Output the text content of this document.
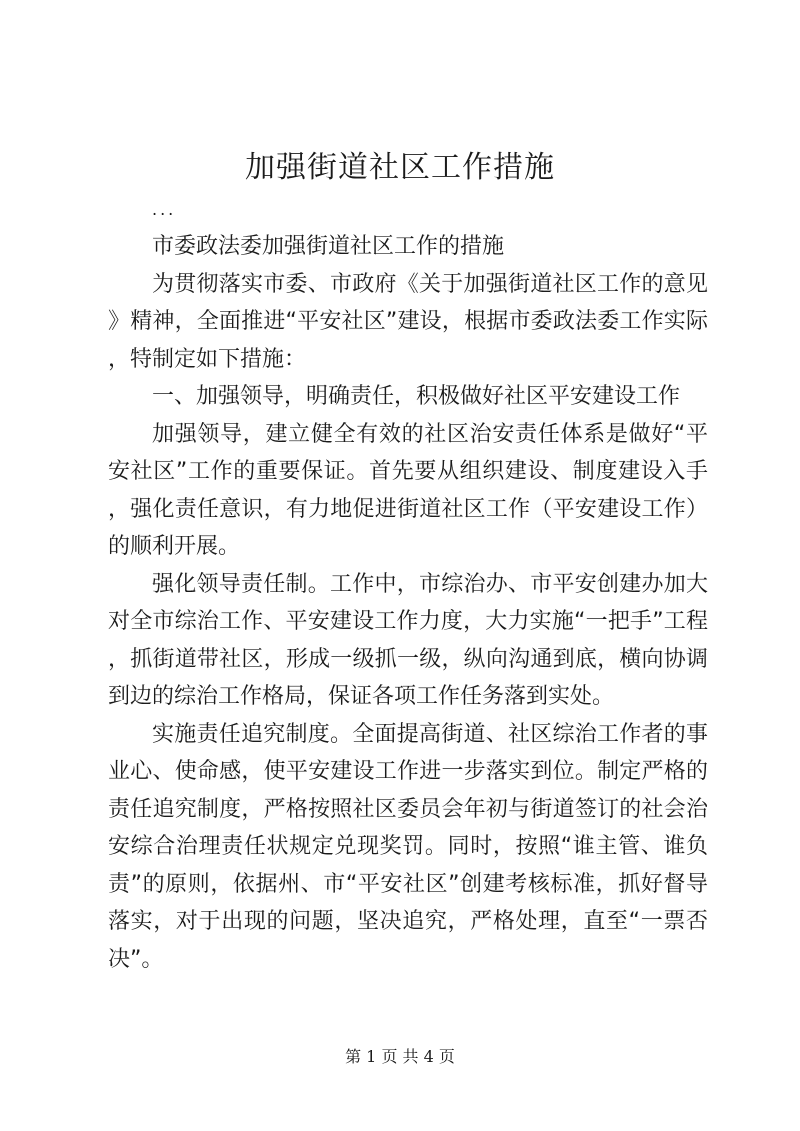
加强街道社区工作措施
...

市委政法委加强街道社区工作的措施

为贯彻落实市委、市政府《关于加强街道社区工作的意见》精神，全面推进“平安社区”建设，根据市委政法委工作实际，特制定如下措施：

一、加强领导，明确责任，积极做好社区平安建设工作

加强领导，建立健全有效的社区治安责任体系是做好“平安社区”工作的重要保证。首先要从组织建设、制度建设入手，强化责任意识，有力地促进街道社区工作（平安建设工作）的顺利开展。

强化领导责任制。工作中，市综治办、市平安创建办加大对全市综治工作、平安建设工作力度，大力实施“一把手”工程，抓街道带社区，形成一级抓一级，纵向沟通到底，横向协调到边的综治工作格局，保证各项工作任务落到实处。

实施责任追究制度。全面提高街道、社区综治工作者的事业心、使命感，使平安建设工作进一步落实到位。制定严格的责任追究制度，严格按照社区委员会年初与街道签订的社会治安综合治理责任状规定兑现奖罚。同时，按照“谁主管、谁负责”的原则，依据州、市“平安社区”创建考核标准，抓好督导落实，对于出现的问题，坚决追究，严格处理，直至“一票否决”。

第 1 页 共 4 页
